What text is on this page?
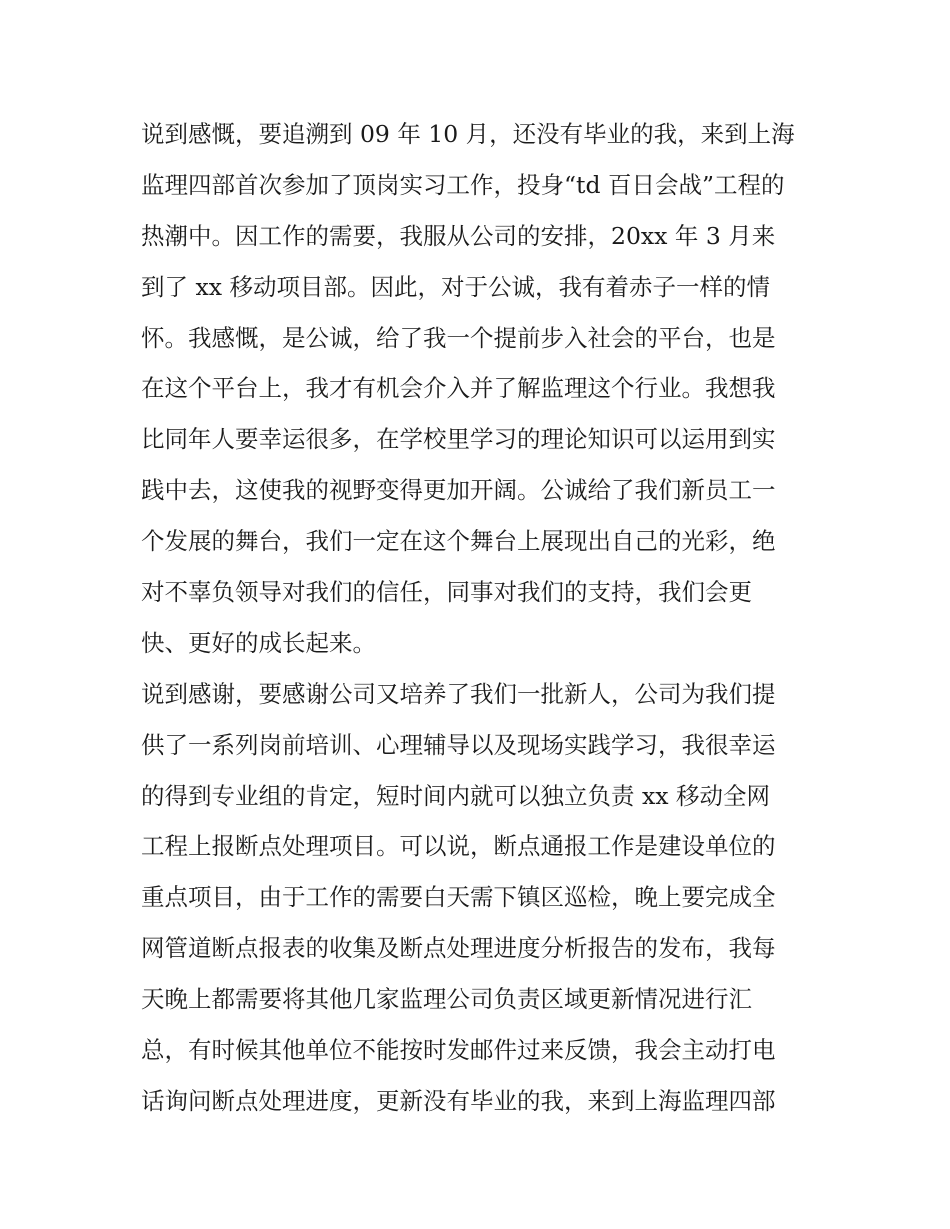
说到感慨，要追溯到 09 年 10 月，还没有毕业的我，来到上海
监理四部首次参加了顶岗实习工作，投身“td 百日会战”工程的
热潮中。因工作的需要，我服从公司的安排，20xx 年 3 月来
到了 xx 移动项目部。因此，对于公诚，我有着赤子一样的情
怀。我感慨，是公诚，给了我一个提前步入社会的平台，也是
在这个平台上，我才有机会介入并了解监理这个行业。我想我
比同年人要幸运很多，在学校里学习的理论知识可以运用到实
践中去，这使我的视野变得更加开阔。公诚给了我们新员工一
个发展的舞台，我们一定在这个舞台上展现出自己的光彩，绝
对不辜负领导对我们的信任，同事对我们的支持，我们会更
快、更好的成长起来。
说到感谢，要感谢公司又培养了我们一批新人，公司为我们提
供了一系列岗前培训、心理辅导以及现场实践学习，我很幸运
的得到专业组的肯定，短时间内就可以独立负责 xx 移动全网
工程上报断点处理项目。可以说，断点通报工作是建设单位的
重点项目，由于工作的需要白天需下镇区巡检，晚上要完成全
网管道断点报表的收集及断点处理进度分析报告的发布，我每
天晚上都需要将其他几家监理公司负责区域更新情况进行汇
总，有时候其他单位不能按时发邮件过来反馈，我会主动打电
话询问断点处理进度，更新没有毕业的我，来到上海监理四部
